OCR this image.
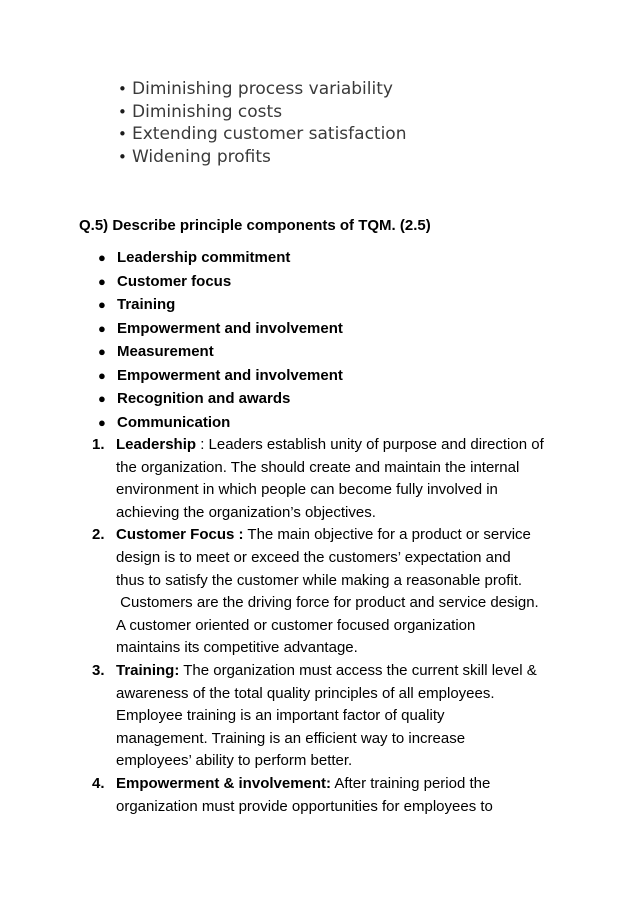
• Diminishing process variability
• Diminishing costs
• Extending customer satisfaction
• Widening profits
Q.5) Describe principle components of TQM. (2.5)
● Leadership commitment
● Customer focus
● Training
● Empowerment and involvement
● Measurement
● Empowerment and involvement
● Recognition and awards
● Communication
1. Leadership : Leaders establish unity of purpose and direction of
the organization. The should create and maintain the internal
environment in which people can become fully involved in
achieving the organization’s objectives.
2. Customer Focus : The main objective for a product or service
design is to meet or exceed the customers’ expectation and
thus to satisfy the customer while making a reasonable profit.
Customers are the driving force for product and service design.
A customer oriented or customer focused organization
maintains its competitive advantage.
3. Training: The organization must access the current skill level &
awareness of the total quality principles of all employees.
Employee training is an important factor of quality
management. Training is an efficient way to increase
employees’ ability to perform better.
4. Empowerment & involvement: After training period the
organization must provide opportunities for employees to
